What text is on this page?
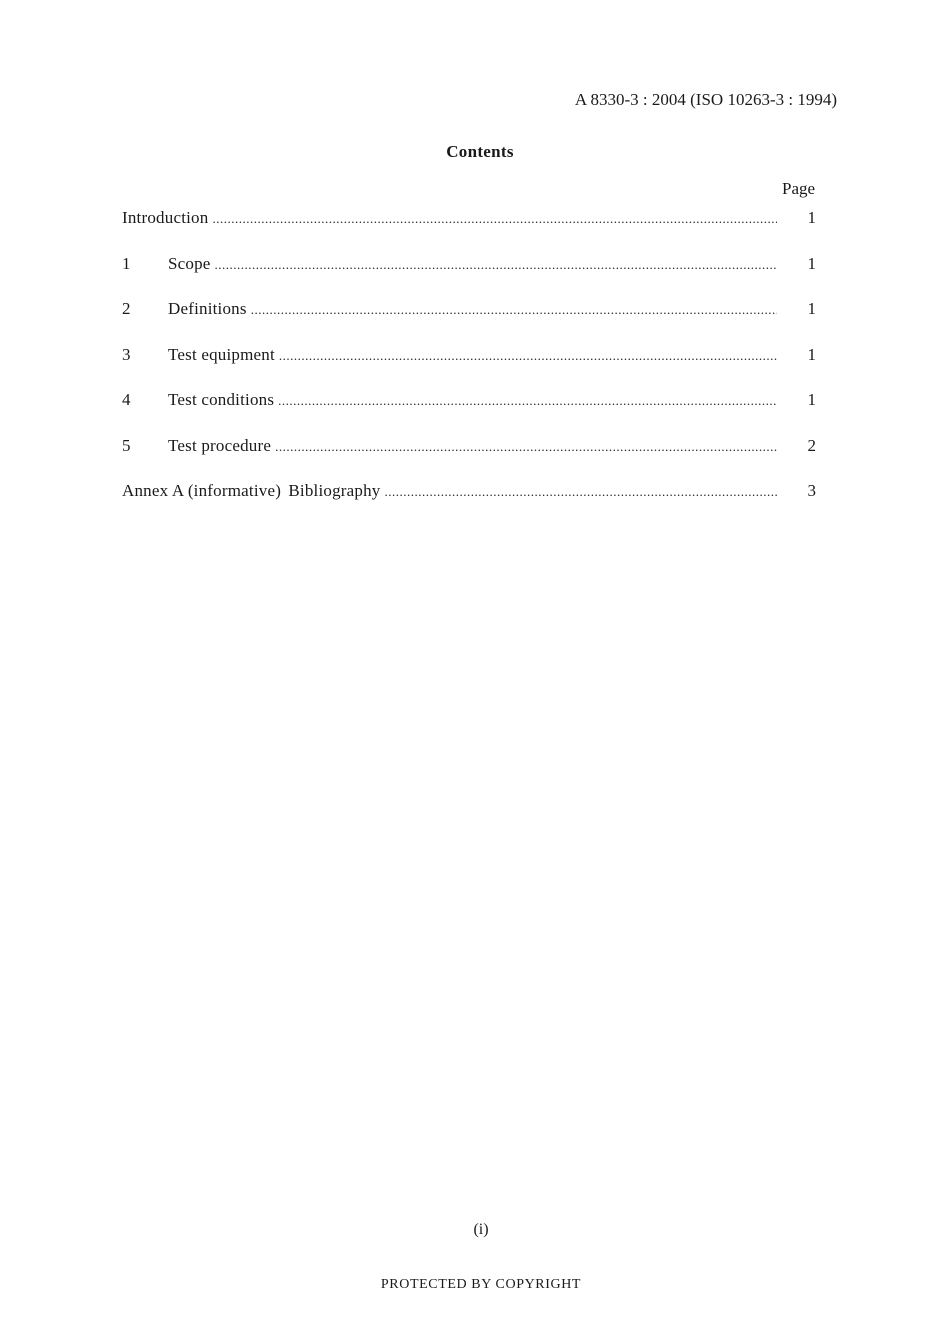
A 8330-3 : 2004 (ISO 10263-3 : 1994)
Contents
Page
Introduction .....	1
1 Scope .....	1
2 Definitions .....	1
3 Test equipment .....	1
4 Test conditions .....	1
5 Test procedure .....	2
Annex A (informative) Bibliography .....	3
(i)
PROTECTED BY COPYRIGHT
